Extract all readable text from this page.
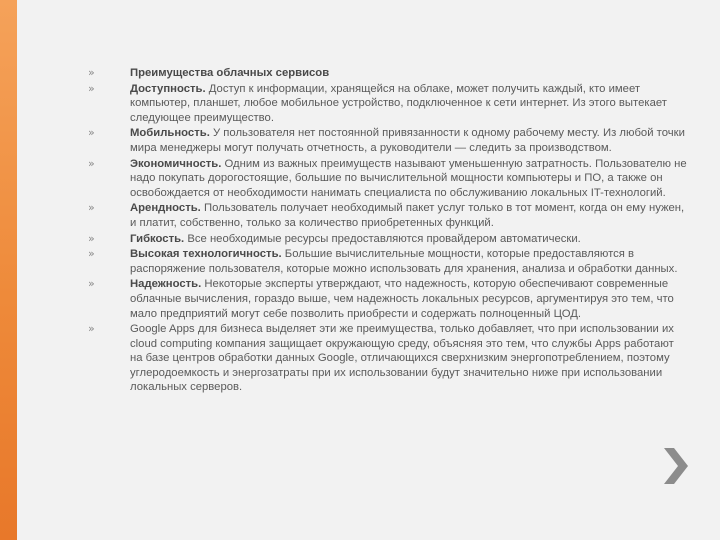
»	Преимущества облачных сервисов
»	Доступность. Доступ к информации, хранящейся на облаке, может получить каждый, кто имеет компьютер, планшет, любое мобильное устройство, подключенное к сети интернет. Из этого вытекает следующее преимущество.
»	Мобильность. У пользователя нет постоянной привязанности к одному рабочему месту. Из любой точки мира менеджеры могут получать отчетность, а руководители — следить за производством.
»	Экономичность. Одним из важных преимуществ называют уменьшенную затратность. Пользователю не надо покупать дорогостоящие, большие по вычислительной мощности компьютеры и ПО, а также он освобождается от необходимости нанимать специалиста по обслуживанию локальных IT-технологий.
»	Арендность. Пользователь получает необходимый пакет услуг только в тот момент, когда он ему нужен, и платит, собственно, только за количество приобретенных функций.
»	Гибкость. Все необходимые ресурсы предоставляются провайдером автоматически.
»	Высокая технологичность. Большие вычислительные мощности, которые предоставляются в распоряжение пользователя, которые можно использовать для хранения, анализа и обработки данных.
»	Надежность. Некоторые эксперты утверждают, что надежность, которую обеспечивают современные облачные вычисления, гораздо выше, чем надежность локальных ресурсов, аргументируя это тем, что мало предприятий могут себе позволить приобрести и содержать полноценный ЦОД.
»	Google Apps для бизнеса выделяет эти же преимущества, только добавляет, что при использовании их cloud computing компания защищает окружающую среду, объясняя это тем, что службы Apps работают на базе центров обработки данных Google, отличающихся сверхнизким энергопотреблением, поэтому углеродоемкость и энергозатраты при их использовании будут значительно ниже при использовании локальных серверов.
